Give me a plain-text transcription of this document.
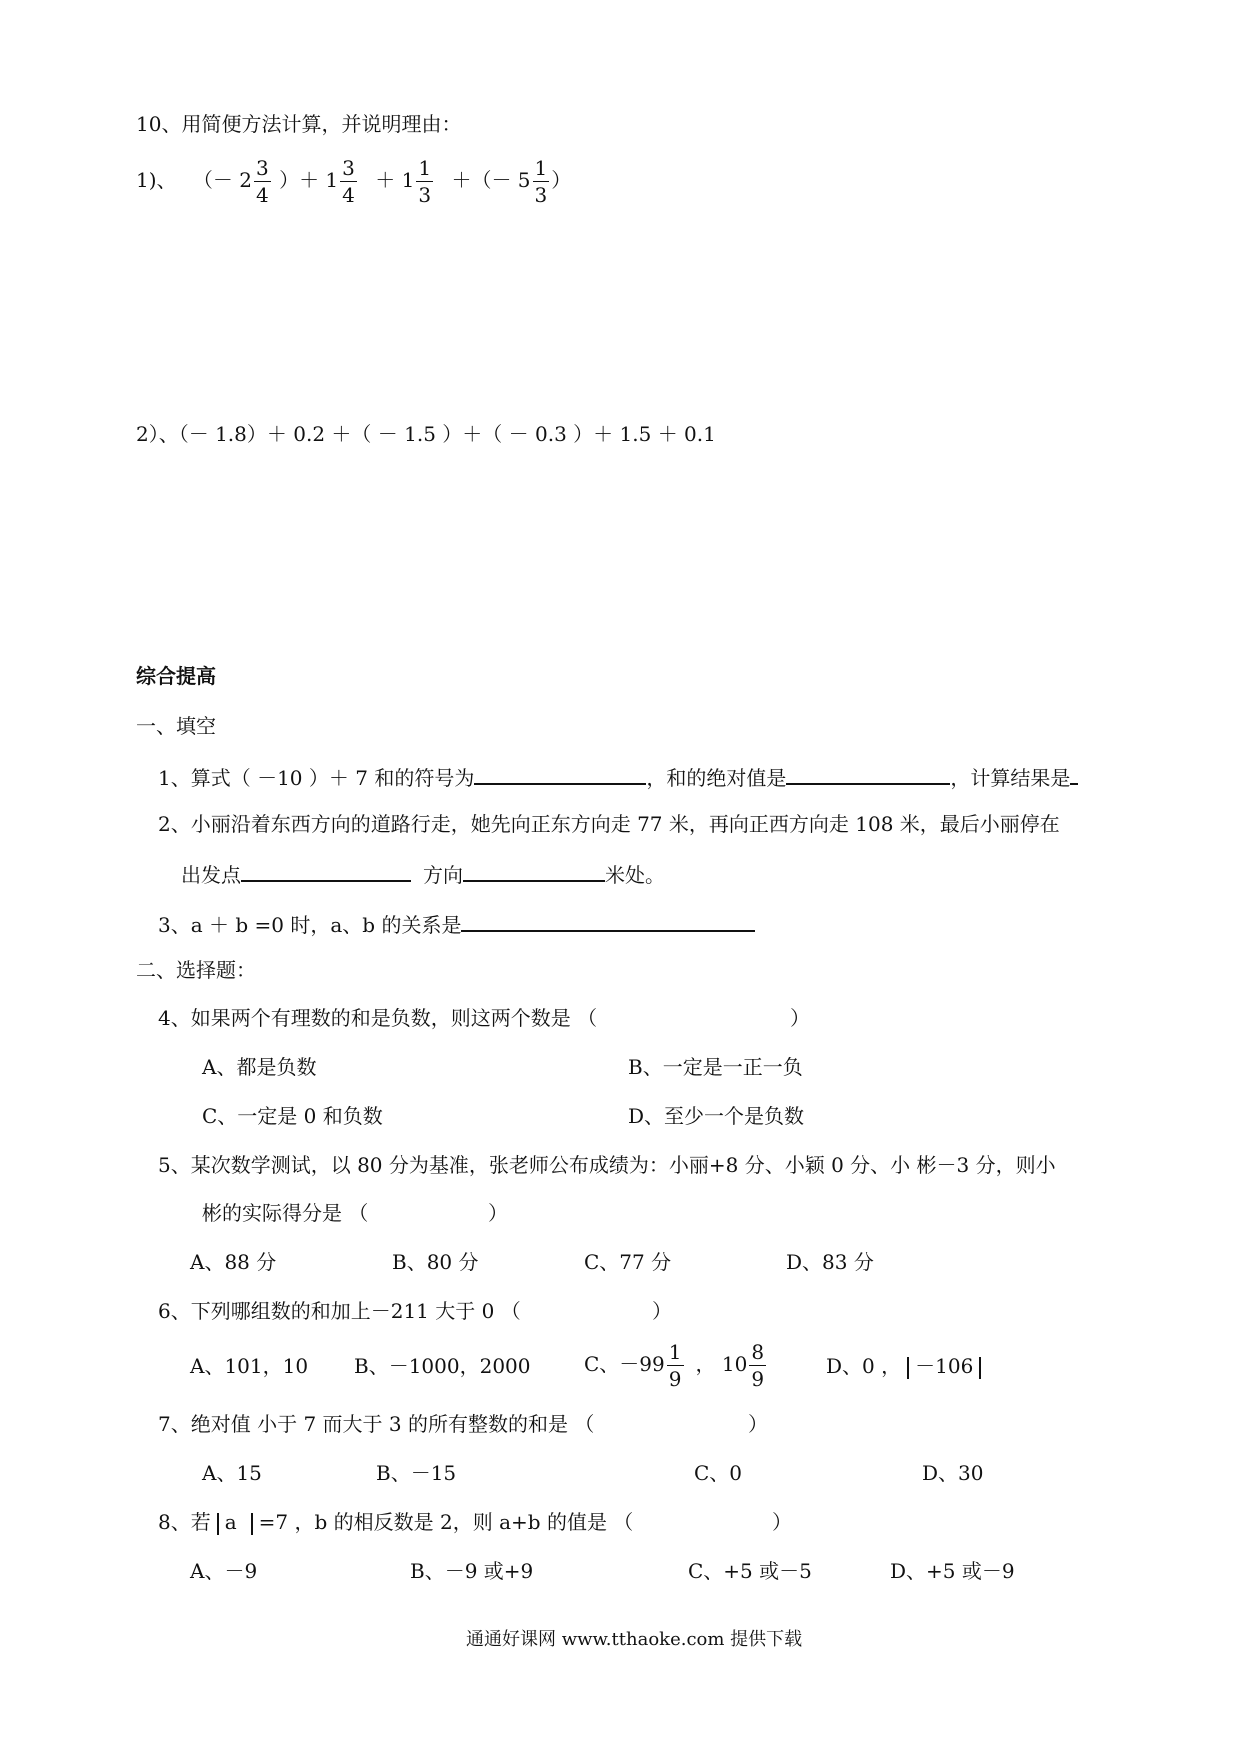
10、用简便方法计算，并说明理由：
1)、 （－ $2 \frac{3}{4}$ ）＋ $1 \frac{3}{4} + 1 \frac{1}{3}$ ＋（－ $5 \frac{1}{3}$ ）
2）、（－ 1.8）＋ 0.2 ＋（ － 1.5 ）＋（ － 0.3 ）＋ 1.5 ＋ 0.1
综合提高
一、填空
1、算式（ －10 ）＋ 7 和的符号为	，和的绝对值是	，计算结果是
2、小丽沿着东西方向的道路行走，她先向正东方向走 77 米，再向正西方向走 108 米，最后小丽停在
出发点	方向	米处。
3、a ＋ b =0 时，a、b 的关系是
二、选择题：
4、如果两个有理数的和是负数，则这两个数是 （	）
A、都是负数	B、一定是一正一负
C、一定是 0 和负数	D、至少一个是负数
5、某次数学测试，以 80 分为基准，张老师公布成绩为：小丽+8 分、小颖 0 分、小 彬－3 分，则小
彬的实际得分是 （	）
A、88 分	B、80 分	C、77 分	D、83 分
6、下列哪组数的和加上－211 大于 0 （	）
A、101，10 B、－1000，2000	C、$-99 \frac{1}{9}$ ， $10 \frac{8}{9}$	D、0 ， －106
7、绝对值 小于 7 而大于 3 的所有整数的和是 （	）
A、15	B、－15	C、0	D、30
8、若 a =7 ，b 的相反数是 2，则 a+b 的值是 （	）
A、－9	B、－9 或+9	C、+5 或－5	D、+5 或－9
通通好课网 www.tthaoke.com 提供下载
